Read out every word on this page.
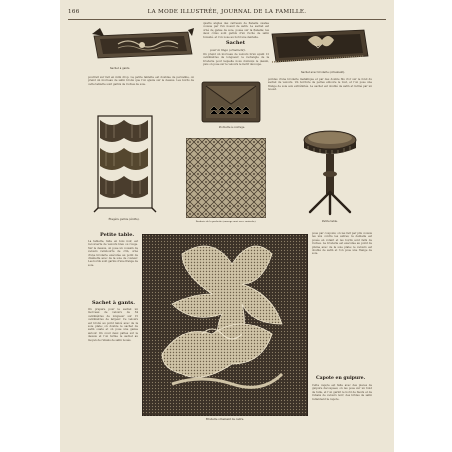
166	LA MODE ILLUSTRÉE, JOURNAL DE LA FAMILLE.
Sachet à gants.
quatre angles des carreaux de flanelle ouatée cousue par l'un noeud de satin. Le sachet est orné de ganse de soie, posée sur la flanelle; les deux côtés sont garnis d'un ruché de satin tuyauté, et l'on pose au bord une dentelle.
Sachet
pour le linge (ornement).
On prend un morceau de velours brun ayant 12 centimètres de longueur; le rectangle de la broderie pour laquelle nous donnons le dessin, puis on pose sur le velours le motif découpé.
Sachet avec broderie (ornement).
pourrait sur fait en mini drop. La petite tablette est doublée de percaline, on prend un morceau de satin brodé que l'on ajuste sur le dessus. Les bords de cette tablette sont garnis de ruches de soie.
Pochette à ouvrage.
pointes d'une broderie métallique et par des double fils d'or sur le fond du sachet de velours. Un bordure de perles entoure le tout, et l'on pose une frange de soie aux extrémités. Le sachet est doublé de satin et fermé par un noeud.
Étagère garnie (étoffe).
Broderie de la pochette (ouvrage orné avec soutache).	Petite table.
Petite table.
La tablette, faite en bois noir, est recouverte de velours bleu ou rouge. Sur le dessus, on pose un coussin de velours rembourré de crin, orné d'une broderie exécutée au point de chaînette avec de la soie de couleur. Les bords sont garnis d'une frange de soie.
Sachet à gants.
On prépare pour le sachet un morceau de velours de 34 centimètres de longueur sur 15 centimètres de largeur. Ce velours est brodé au point lancé avec de la soie plate; on double le sachet de satin ouaté et on pose une ganse autour. On coud deux pattes sur le dessus et l'on ferme le sachet au moyen de rubans de satin noués.
Broderie ornement de cadre.
posé par coupons; on les fait par plis cousus les uns contre les autres; la dentelle est posée en volant et les bords sont faits de ruches. La broderie est exécutée au point de plume avec de la soie plate; le velours est doublé de satin et l'on pose une frange de soie.
Capote en guipure.
Cette capote est faite avec des pièces de guipure découpées; on les pose sur un fond de tulle, et l'on garnit le bord de fleurs et de rubans de velours noir; des brides de satin retiennent la capote.
